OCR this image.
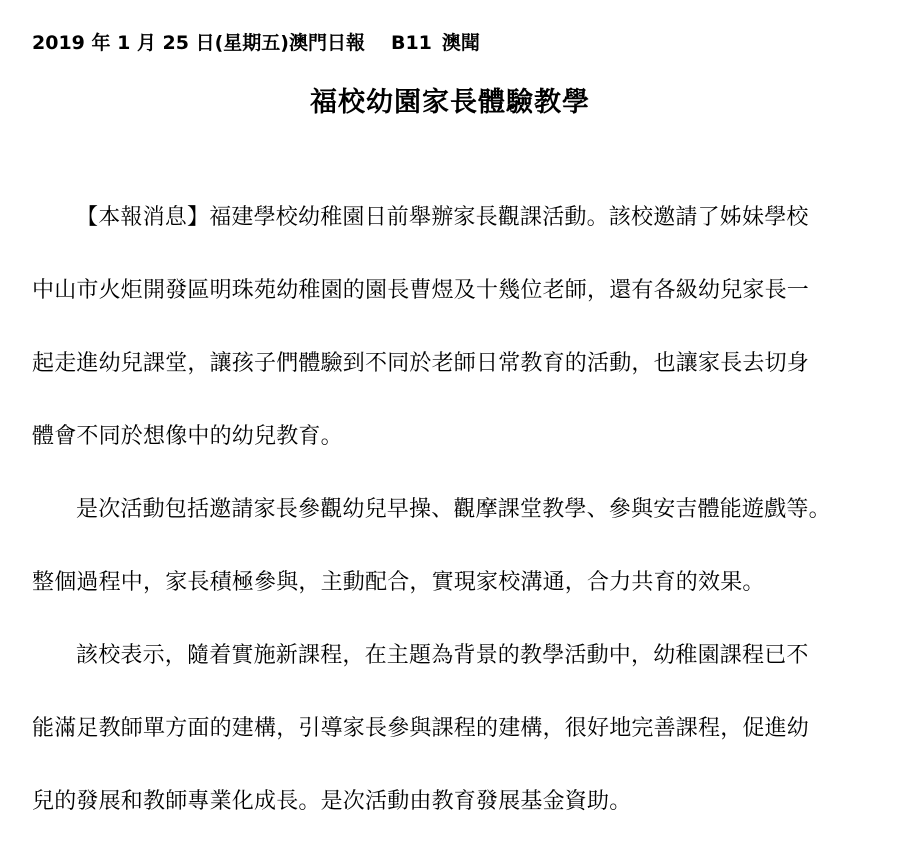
2019 年 1 月 25 日(星期五)澳門日報 B11 澳聞
福校幼園家長體驗教學
【本報消息】福建學校幼稚園日前舉辦家長觀課活動。該校邀請了姊妹學校
中山市火炬開發區明珠苑幼稚園的園長曹煜及十幾位老師，還有各級幼兒家長一
起走進幼兒課堂，讓孩子們體驗到不同於老師日常教育的活動，也讓家長去切身
體會不同於想像中的幼兒教育。
是次活動包括邀請家長參觀幼兒早操、觀摩課堂教學、參與安吉體能遊戲等。
整個過程中，家長積極參與，主動配合，實現家校溝通，合力共育的效果。
該校表示，隨着實施新課程，在主題為背景的教學活動中，幼稚園課程已不
能滿足教師單方面的建構，引導家長參與課程的建構，很好地完善課程，促進幼
兒的發展和教師專業化成長。是次活動由教育發展基金資助。
